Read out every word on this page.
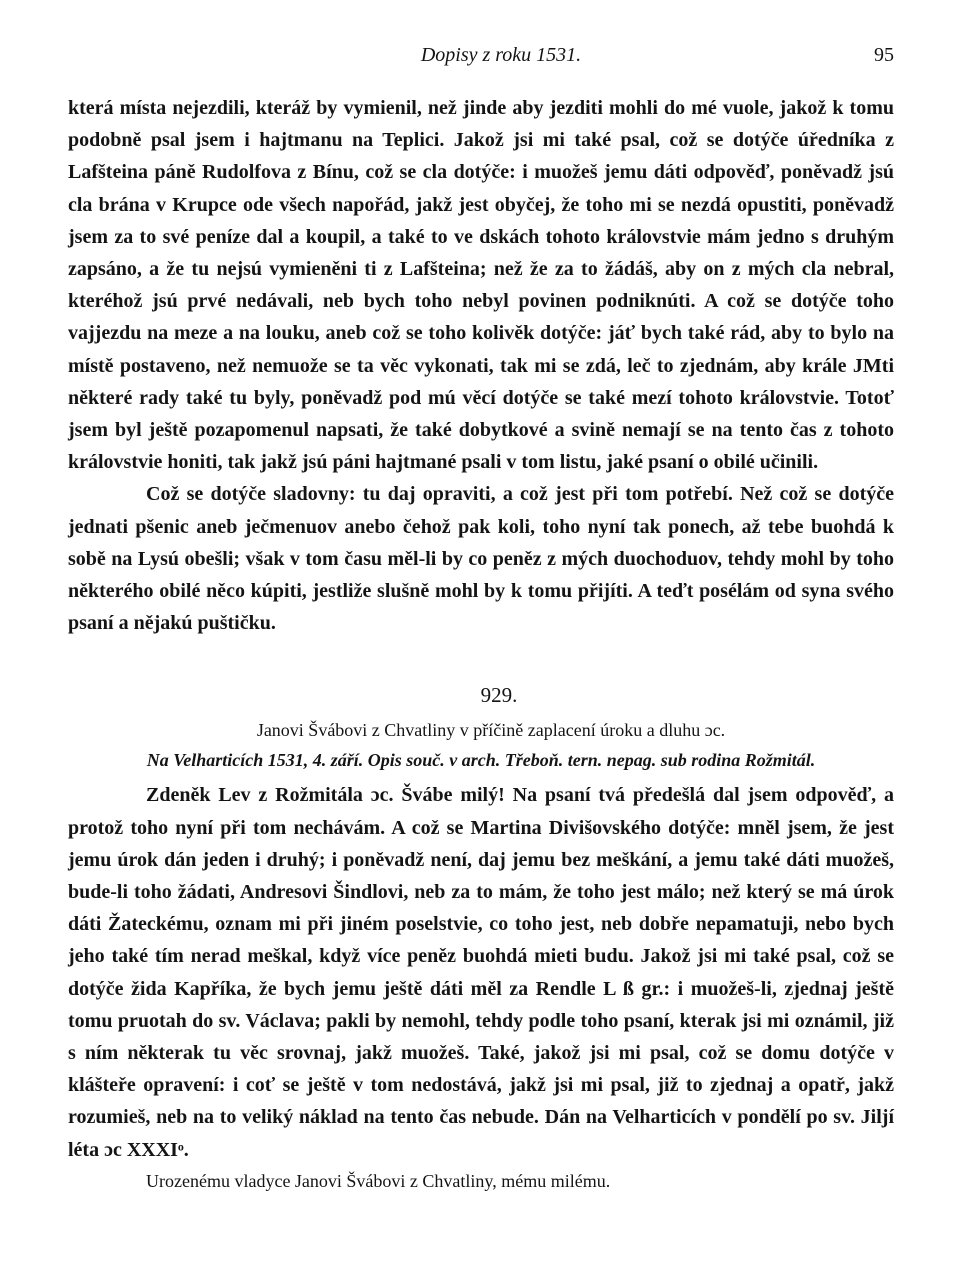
Dopisy z roku 1531.	95

která místa nejezdili, kteráž by vymienil, než jinde aby jezditi mohli do mé vuole, jakož k tomu podobně psal jsem i hajtmanu na Teplici. Jakož jsi mi také psal, což se dotýče úředníka z Lafšteina páně Rudolfova z Bínu, což se cla dotýče: i muožeš jemu dáti odpověď, poněvadž jsú cla brána v Krupce ode všech napořád, jakž jest obyčej, že toho mi se nezdá opustiti, poněvadž jsem za to své peníze dal a koupil, a také to ve dskách tohoto královstvie mám jedno s druhým zapsáno, a že tu nejsú vymieněni ti z Lafšteina; než že za to žádáš, aby on z mých cla nebral, kteréhož jsú prvé nedávali, neb bych toho nebyl povinen podniknúti. A což se dotýče toho vajjezdu na meze a na louku, aneb což se toho kolivěk dotýče: jáť bych také rád, aby to bylo na místě postaveno, než nemuože se ta věc vykonati, tak mi se zdá, leč to zjednám, aby krále JMti některé rady také tu byly, poněvadž pod mú věcí dotýče se také mezí tohoto královstvie. Totoť jsem byl ještě pozapomenul napsati, že také dobytkové a svině nemají se na tento čas z tohoto královstvie honiti, tak jakž jsú páni hajtmané psali v tom listu, jaké psaní o obilé učinili.

Což se dotýče sladovny: tu daj opraviti, a což jest při tom potřebí. Než což se dotýče jednati pšenic aneb ječmenuov anebo čehož pak koli, toho nyní tak ponech, až tebe buohdá k sobě na Lysú obešli; však v tom času měl-li by co peněz z mých duochoduov, tehdy mohl by toho některého obilé něco kúpiti, jestliže slušně mohl by k tomu přijíti. A teďt posélám od syna svého psaní a nějakú puštičku.

929.
Janovi Švábovi z Chvatliny v příčině zaplacení úroku a dluhu ɔc.
Na Velharticích 1531, 4. září. Opis souč. v arch. Třeboň. tern. nepag. sub rodina Rožmitál.

Zdeněk Lev z Rožmitála ɔc. Švábe milý! Na psaní tvá předešlá dal jsem odpověď, a protož toho nyní při tom nechávám. A což se Martina Divišovského dotýče: mněl jsem, že jest jemu úrok dán jeden i druhý; i poněvadž není, daj jemu bez meškání, a jemu také dáti muožeš, bude-li toho žádati, Andresovi Šindlovi, neb za to mám, že toho jest málo; než který se má úrok dáti Žateckému, oznam mi při jiném poselstvie, co toho jest, neb dobře nepamatuji, nebo bych jeho také tím nerad meškal, když více peněz buohdá mieti budu. Jakož jsi mi také psal, což se dotýče žida Kapříka, že bych jemu ještě dáti měl za Rendle L ß gr.: i muožeš-li, zjednaj ještě tomu pruotah do sv. Václava; pakli by nemohl, tehdy podle toho psaní, kterak jsi mi oznámil, již s ním některak tu věc srovnaj, jakž muožeš. Také, jakož jsi mi psal, což se domu dotýče v klášteře opravení: i coť se ještě v tom nedostává, jakž jsi mi psal, již to zjednaj a opatř, jakž rozumieš, neb na to veliký náklad na tento čas nebude. Dán na Velharticích v pondělí po sv. Jiljí léta ɔc XXXIᵒ.

Urozenému vladyce Janovi Švábovi z Chvatliny, mému milému.
